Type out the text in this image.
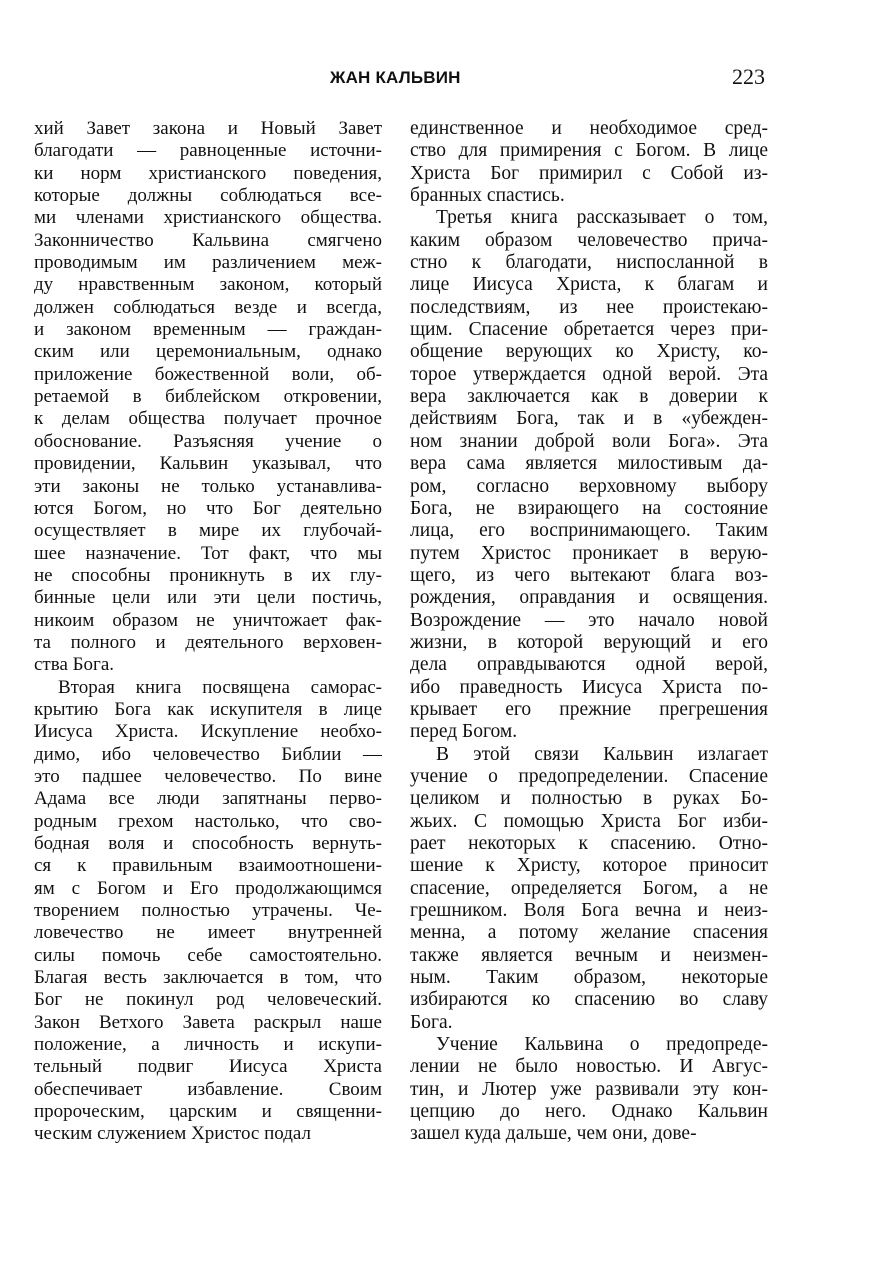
ЖАН КАЛЬВИН	223
хий Завет закона и Новый Завет
благодати — равноценные источни-
ки норм христианского поведения,
которые должны соблюдаться все-
ми членами христианского общества.
Законничество Кальвина смягчено
проводимым им различением меж-
ду нравственным законом, который
должен соблюдаться везде и всегда,
и законом временным — граждан-
ским или церемониальным, однако
приложение божественной воли, об-
ретаемой в библейском откровении,
к делам общества получает прочное
обоснование. Разъясняя учение о
провидении, Кальвин указывал, что
эти законы не только устанавлива-
ются Богом, но что Бог деятельно
осуществляет в мире их глубочай-
шее назначение. Тот факт, что мы
не способны проникнуть в их глу-
бинные цели или эти цели постичь,
никоим образом не уничтожает фак-
та полного и деятельного верховен-
ства Бога.
Вторая книга посвящена саморас-
крытию Бога как искупителя в лице
Иисуса Христа. Искупление необхо-
димо, ибо человечество Библии —
это падшее человечество. По вине
Адама все люди запятнаны перво-
родным грехом настолько, что сво-
бодная воля и способность вернуть-
ся к правильным взаимоотношени-
ям с Богом и Его продолжающимся
творением полностью утрачены. Че-
ловечество не имеет внутренней
силы помочь себе самостоятельно.
Благая весть заключается в том, что
Бог не покинул род человеческий.
Закон Ветхого Завета раскрыл наше
положение, а личность и искупи-
тельный подвиг Иисуса Христа
обеспечивает избавление. Своим
пророческим, царским и священни-
ческим служением Христос подал
единственное и необходимое сред-
ство для примирения с Богом. В лице
Христа Бог примирил с Собой из-
бранных спастись.
Третья книга рассказывает о том,
каким образом человечество прича-
стно к благодати, ниспосланной в
лице Иисуса Христа, к благам и
последствиям, из нее проистекаю-
щим. Спасение обретается через при-
общение верующих ко Христу, ко-
торое утверждается одной верой. Эта
вера заключается как в доверии к
действиям Бога, так и в «убежден-
ном знании доброй воли Бога». Эта
вера сама является милостивым да-
ром, согласно верховному выбору
Бога, не взирающего на состояние
лица, его воспринимающего. Таким
путем Христос проникает в верую-
щего, из чего вытекают блага воз-
рождения, оправдания и освящения.
Возрождение — это начало новой
жизни, в которой верующий и его
дела оправдываются одной верой,
ибо праведность Иисуса Христа по-
крывает его прежние прегрешения
перед Богом.
В этой связи Кальвин излагает
учение о предопределении. Спасение
целиком и полностью в руках Бо-
жьих. С помощью Христа Бог изби-
рает некоторых к спасению. Отно-
шение к Христу, которое приносит
спасение, определяется Богом, а не
грешником. Воля Бога вечна и неиз-
менна, а потому желание спасения
также является вечным и неизмен-
ным. Таким образом, некоторые
избираются ко спасению во славу
Бога.
Учение Кальвина о предопреде-
лении не было новостью. И Авгус-
тин, и Лютер уже развивали эту кон-
цепцию до него. Однако Кальвин
зашел куда дальше, чем они, дове-
